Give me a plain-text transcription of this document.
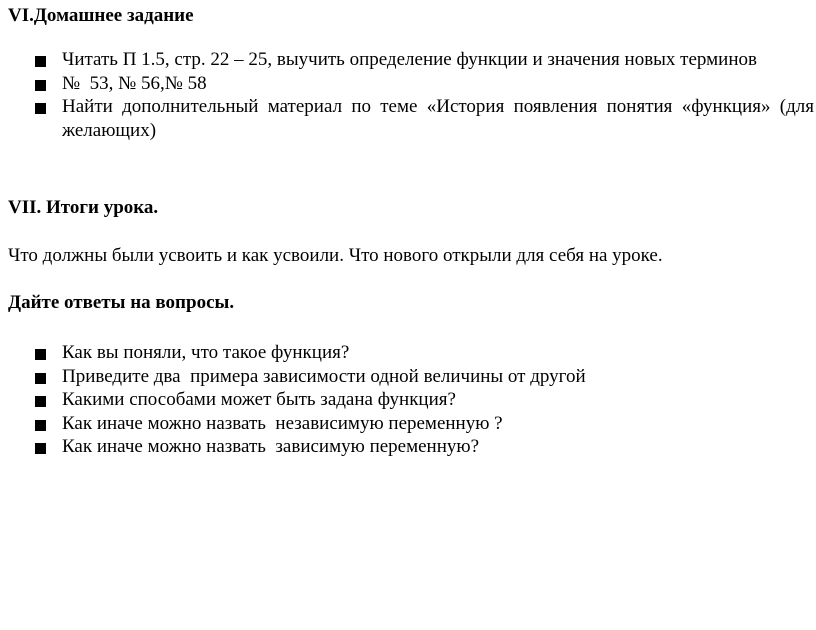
VI.Домашнее задание
Читать П 1.5, стр. 22 – 25, выучить определение функции и значения новых терминов
№  53, № 56,№ 58
Найти дополнительный материал по теме «История появления понятия «функция» (для желающих)
VII. Итоги урока.
Что должны были усвоить и как усвоили. Что нового открыли для себя на уроке.
Дайте ответы на вопросы.
Как вы поняли, что такое функция?
Приведите два  примера зависимости одной величины от другой
Какими способами может быть задана функция?
Как иначе можно назвать  независимую переменную ?
Как иначе можно назвать  зависимую переменную?
